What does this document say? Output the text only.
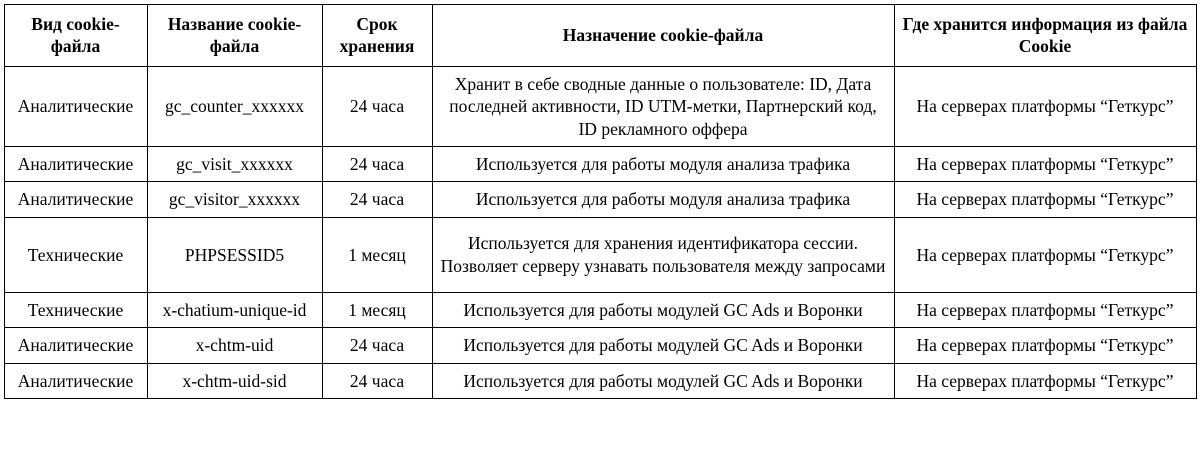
Вид cookie-файла	Название cookie-файла	Срок хранения	Назначение cookie-файла	Где хранится информация из файла Cookie
Аналитические	gc_counter_xxxxxx	24 часа	Хранит в себе сводные данные о пользователе: ID, Дата последней активности, ID UTM-метки, Партнерский код, ID рекламного оффера	На серверах платформы “Геткурс”
Аналитические	gc_visit_xxxxxx	24 часа	Используется для работы модуля анализа трафика	На серверах платформы “Геткурс”
Аналитические	gc_visitor_xxxxxx	24 часа	Используется для работы модуля анализа трафика	На серверах платформы “Геткурс”
Технические	PHPSESSID5	1 месяц	Используется для хранения идентификатора сессии. Позволяет серверу узнавать пользователя между запросами	На серверах платформы “Геткурс”
Технические	x-chatium-unique-id	1 месяц	Используется для работы модулей GC Ads и Воронки	На серверах платформы “Геткурс”
Аналитические	x-chtm-uid	24 часа	Используется для работы модулей GC Ads и Воронки	На серверах платформы “Геткурс”
Аналитические	x-chtm-uid-sid	24 часа	Используется для работы модулей GC Ads и Воронки	На серверах платформы “Геткурс”
